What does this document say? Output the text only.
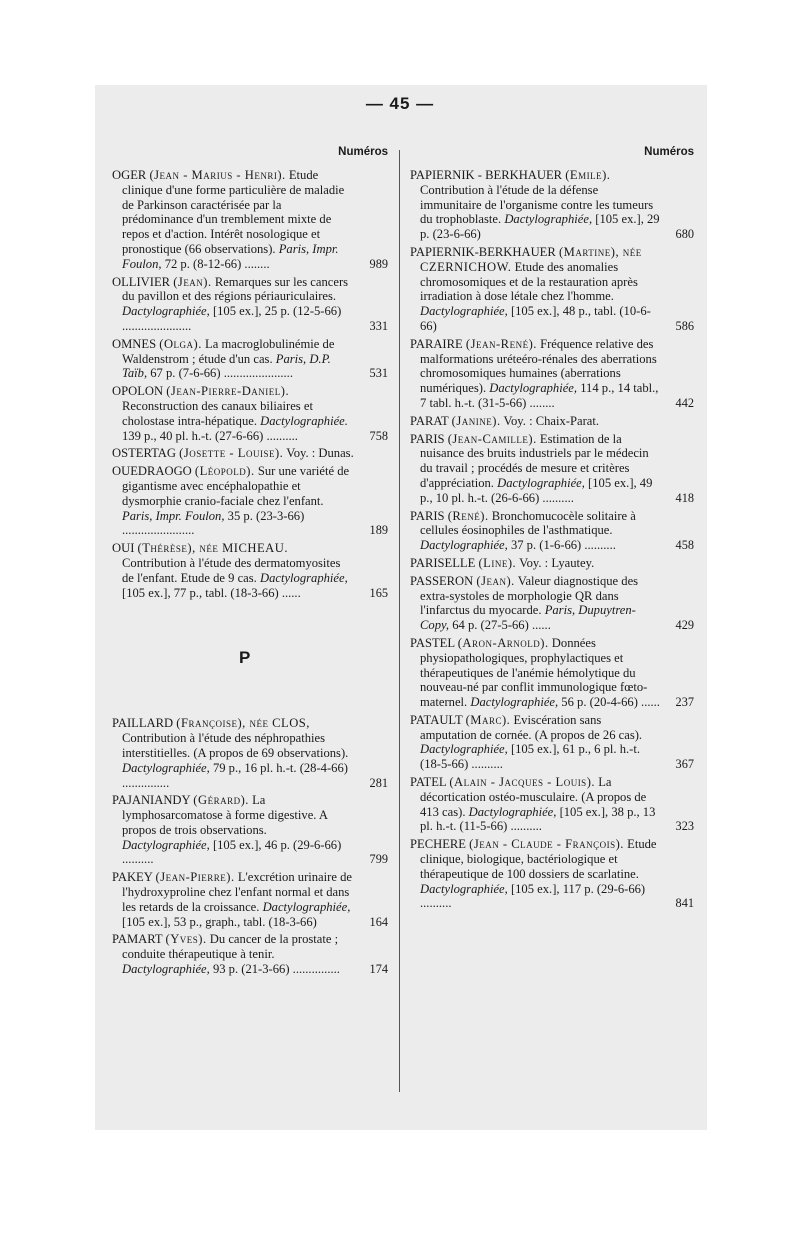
— 45 —
Numéros
OGER (Jean - Marius - Henri). Etude clinique d'une forme particulière de maladie de Parkinson caractérisée par la prédominance d'un tremblement mixte de repos et d'action. Intérêt nosologique et pronostique (66 observations). Paris, Impr. Foulon, 72 p. (8-12-66) ........	989
OLLIVIER (Jean). Remarques sur les cancers du pavillon et des régions périauriculaires. Dactylographiée, [105 ex.], 25 p. (12-5-66) ......................	331
OMNES (Olga). La macroglobulinémie de Waldenstrom ; étude d'un cas. Paris, D.P. Taïb, 67 p. (7-6-66) ......................	531
OPOLON (Jean-Pierre-Daniel). Reconstruction des canaux biliaires et cholostase intra-hépatique. Dactylographiée. 139 p., 40 pl. h.-t. (27-6-66) ..........	758
OSTERTAG (Josette - Louise). Voy. : Dunas.
OUEDRAOGO (Léopold). Sur une variété de gigantisme avec encéphalopathie et dysmorphie cranio-faciale chez l'enfant. Paris, Impr. Foulon, 35 p. (23-3-66) .......................	189
OUI (Thérèse), née MICHEAU. Contribution à l'étude des dermatomyosites de l'enfant. Etude de 9 cas. Dactylographiée, [105 ex.], 77 p., tabl. (18-3-66) ......	165
P
PAILLARD (Françoise), née CLOS, Contribution à l'étude des néphropathies interstitielles. (A propos de 69 observations). Dactylographiée, 79 p., 16 pl. h.-t. (28-4-66) ...............	281
PAJANIANDY (Gérard). La lymphosarcomatose à forme digestive. A propos de trois observations. Dactylographiée, [105 ex.], 46 p. (29-6-66) ..........	799
PAKEY (Jean-Pierre). L'excrétion urinaire de l'hydroxyproline chez l'enfant normal et dans les retards de la croissance. Dactylographiée, [105 ex.], 53 p., graph., tabl. (18-3-66)	164
PAMART (Yves). Du cancer de la prostate ; conduite thérapeutique à tenir. Dactylographiée, 93 p. (21-3-66) ............... 174
Numéros
PAPIERNIK - BERKHAUER (Emile). Contribution à l'étude de la défense immunitaire de l'organisme contre les tumeurs du trophoblaste. Dactylographiée, [105 ex.], 29 p. (23-6-66)	680
PAPIERNIK-BERKHAUER (Martine), née CZERNICHOW. Etude des anomalies chromosomiques et de la restauration après irradiation à dose létale chez l'homme. Dactylographiée, [105 ex.], 48 p., tabl. (10-6-66)	586
PARAIRE (Jean-René). Fréquence relative des malformations uréteéro-rénales des aberrations chromosomiques humaines (aberrations numériques). Dactylographiée, 114 p., 14 tabl., 7 tabl. h.-t. (31-5-66) ........	442
PARAT (Janine). Voy. : Chaix-Parat.
PARIS (Jean-Camille). Estimation de la nuisance des bruits industriels par le médecin du travail ; procédés de mesure et critères d'appréciation. Dactylographiée, [105 ex.], 49 p., 10 pl. h.-t. (26-6-66) ..........	418
PARIS (René). Bronchomucocèle solitaire à cellules éosinophiles de l'asthmatique. Dactylographiée, 37 p. (1-6-66) ..........	458
PARISELLE (Line). Voy. : Lyautey.
PASSERON (Jean). Valeur diagnostique des extra-systoles de morphologie QR dans l'infarctus du myocarde. Paris, Dupuytren-Copy, 64 p. (27-5-66) ......	429
PASTEL (Aron-Arnold). Données physiopathologiques, prophylactiques et thérapeutiques de l'anémie hémolytique du nouveau-né par conflit immunologique fœto-maternel. Dactylographiée, 56 p. (20-4-66) ...... 237
PATAULT (Marc). Eviscération sans amputation de cornée. (A propos de 26 cas). Dactylographiée, [105 ex.], 61 p., 6 pl. h.-t. (18-5-66) ..........	367
PATEL (Alain - Jacques - Louis). La décortication ostéo-musculaire. (A propos de 413 cas). Dactylographiée, [105 ex.], 38 p., 13 pl. h.-t. (11-5-66) ..........	323
PECHERE (Jean - Claude - François). Etude clinique, biologique, bactériologique et thérapeutique de 100 dossiers de scarlatine. Dactylographiée, [105 ex.], 117 p. (29-6-66) ..........	841
